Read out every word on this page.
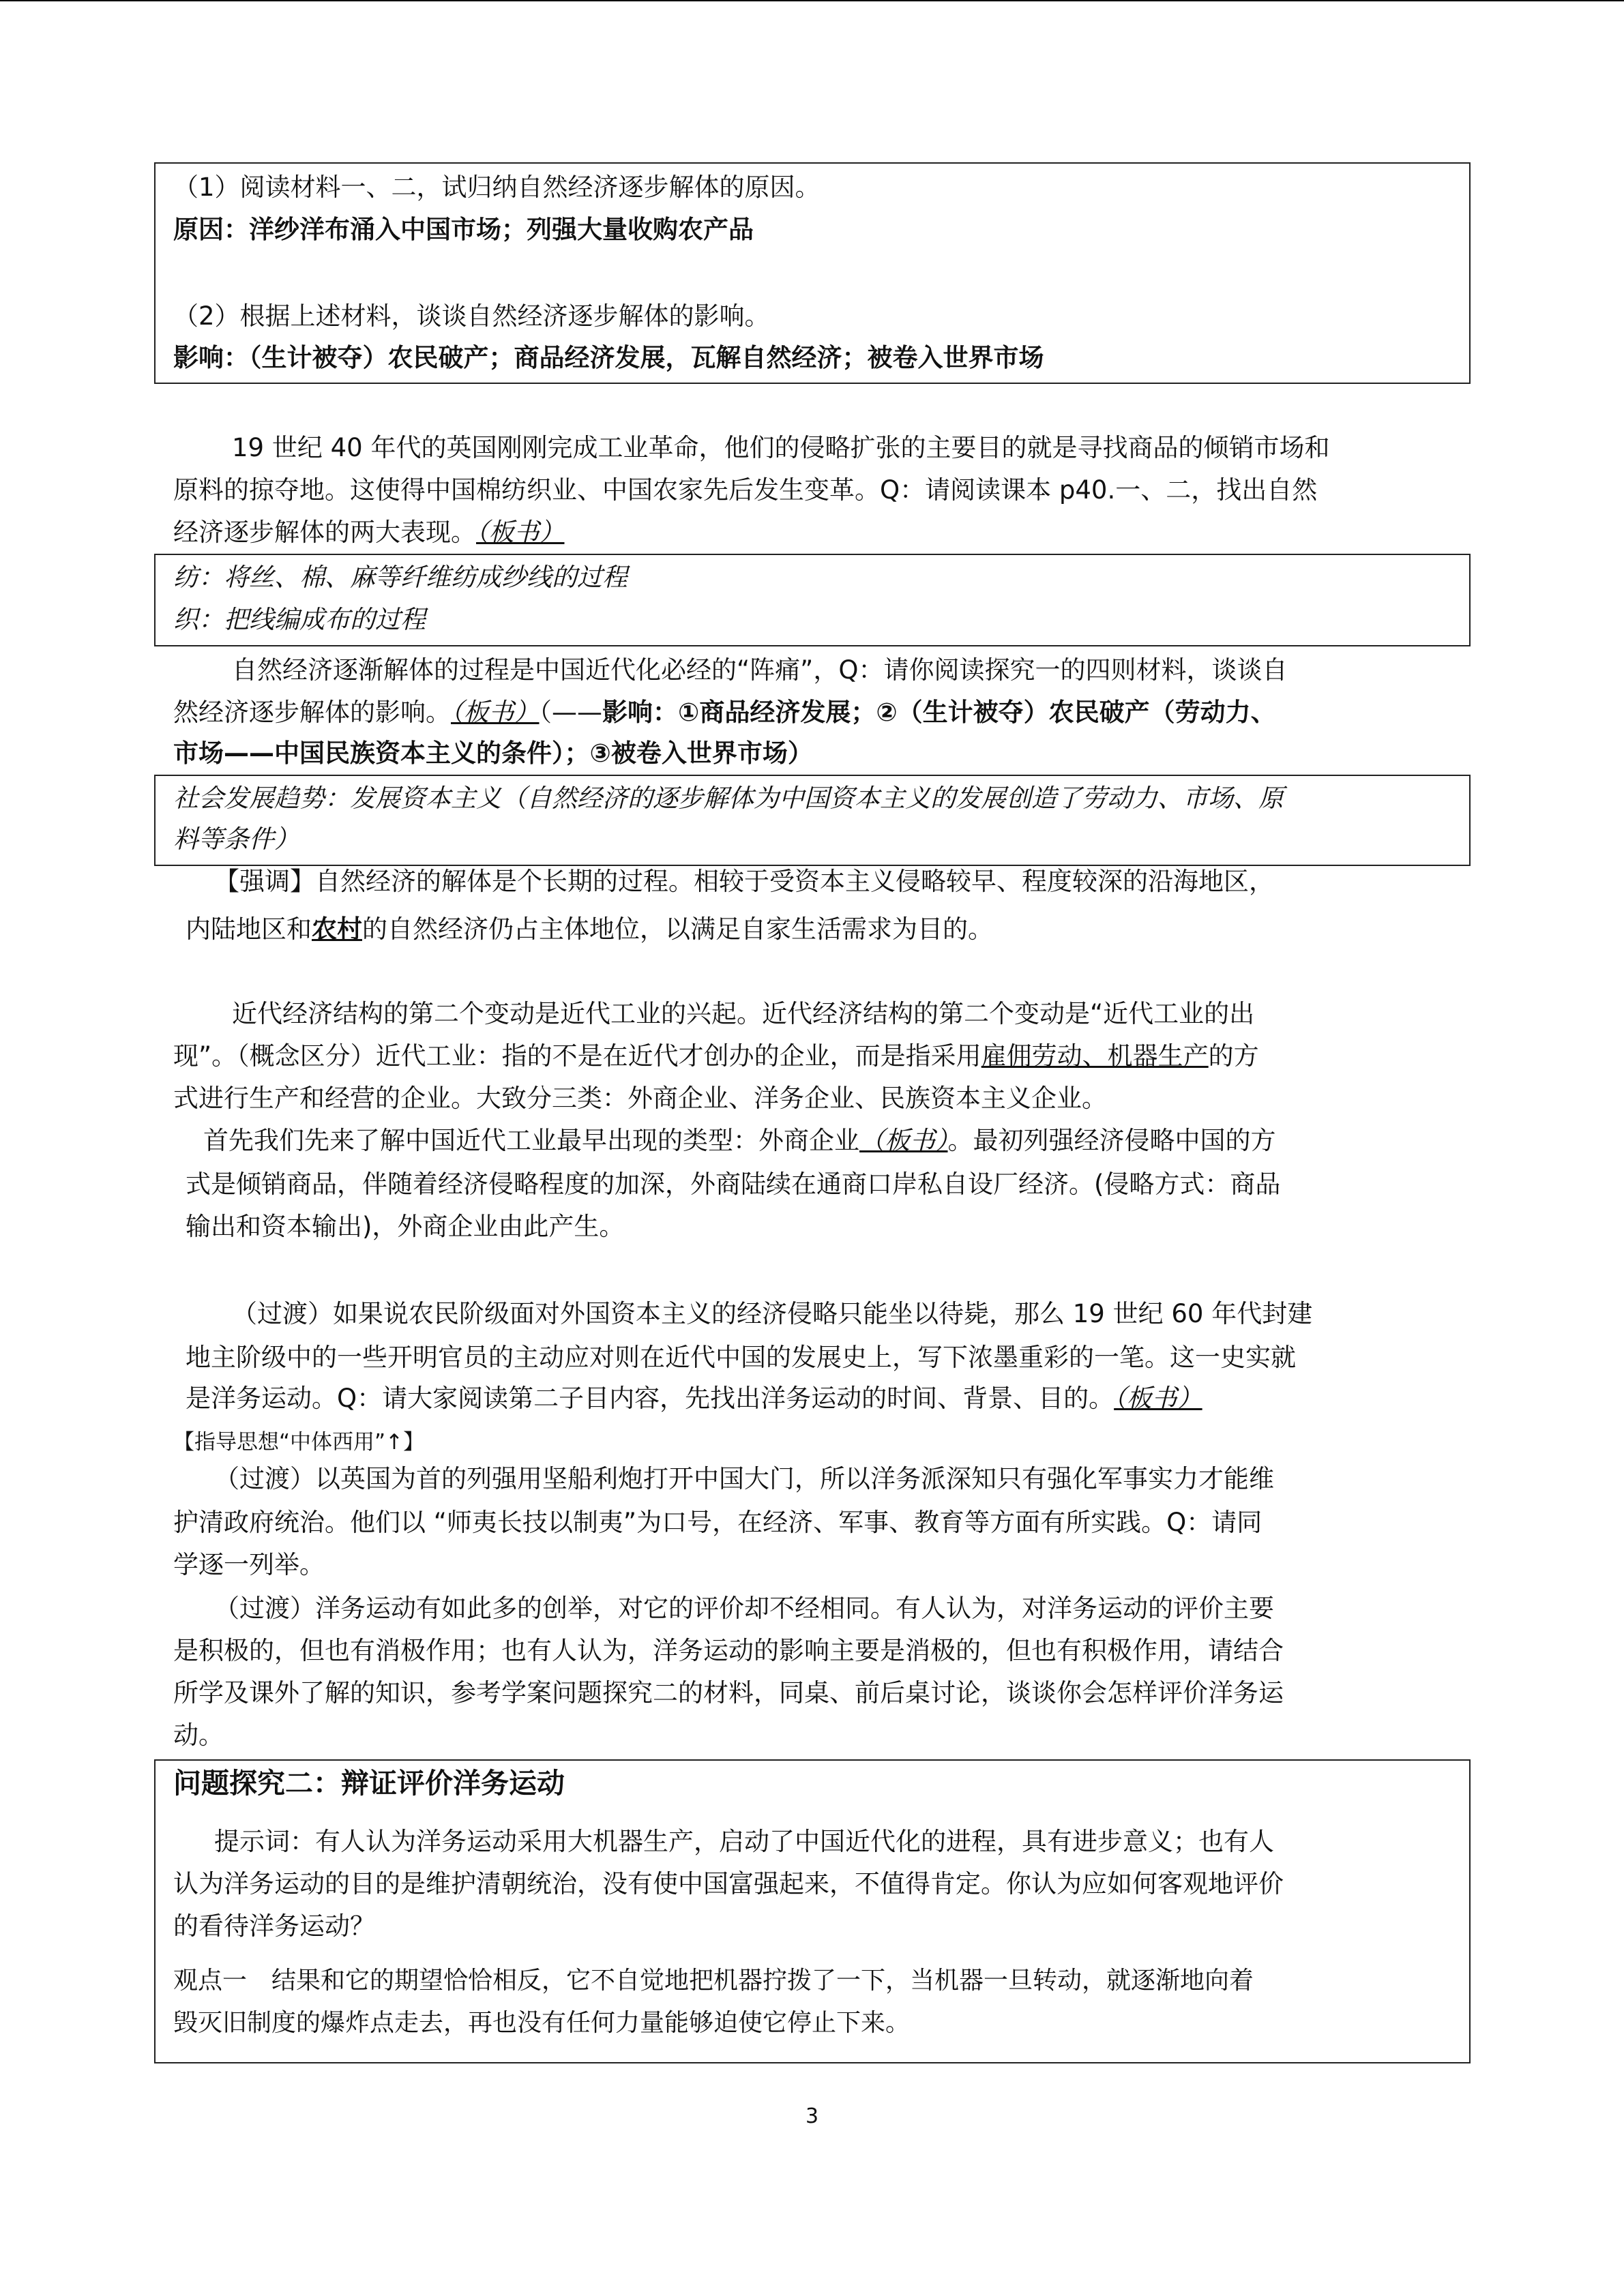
（1）阅读材料一、二，试归纳自然经济逐步解体的原因。
原因：洋纱洋布涌入中国市场；列强大量收购农产品
（2）根据上述材料，谈谈自然经济逐步解体的影响。
影响：（生计被夺）农民破产；商品经济发展，瓦解自然经济；被卷入世界市场
19 世纪 40 年代的英国刚刚完成工业革命，他们的侵略扩张的主要目的就是寻找商品的倾销市场和
原料的掠夺地。这使得中国棉纺织业、中国农家先后发生变革。Q：请阅读课本 p40.一、二，找出自然
经济逐步解体的两大表现。（板书）
纺：将丝、棉、麻等纤维纺成纱线的过程
织：把线编成布的过程
自然经济逐渐解体的过程是中国近代化必经的“阵痛”，Q：请你阅读探究一的四则材料，谈谈自
然经济逐步解体的影响。（板书）（——影响：①商品经济发展；②（生计被夺）农民破产（劳动力、
市场——中国民族资本主义的条件）；③被卷入世界市场）
社会发展趋势：发展资本主义（自然经济的逐步解体为中国资本主义的发展创造了劳动力、市场、原
料等条件）
【强调】自然经济的解体是个长期的过程。相较于受资本主义侵略较早、程度较深的沿海地区，
内陆地区和农村的自然经济仍占主体地位，以满足自家生活需求为目的。
近代经济结构的第二个变动是近代工业的兴起。近代经济结构的第二个变动是“近代工业的出
现”。（概念区分）近代工业：指的不是在近代才创办的企业，而是指采用雇佣劳动、机器生产的方
式进行生产和经营的企业。大致分三类：外商企业、洋务企业、民族资本主义企业。
首先我们先来了解中国近代工业最早出现的类型：外商企业（板书）。最初列强经济侵略中国的方
式是倾销商品，伴随着经济侵略程度的加深，外商陆续在通商口岸私自设厂经济。(侵略方式：商品
输出和资本输出)，外商企业由此产生。
（过渡）如果说农民阶级面对外国资本主义的经济侵略只能坐以待毙，那么 19 世纪 60 年代封建
地主阶级中的一些开明官员的主动应对则在近代中国的发展史上，写下浓墨重彩的一笔。这一史实就
是洋务运动。Q：请大家阅读第二子目内容，先找出洋务运动的时间、背景、目的。（板书）
【指导思想“中体西用”↑】
（过渡）以英国为首的列强用坚船利炮打开中国大门，所以洋务派深知只有强化军事实力才能维
护清政府统治。他们以 “师夷长技以制夷”为口号，在经济、军事、教育等方面有所实践。Q：请同
学逐一列举。
（过渡）洋务运动有如此多的创举，对它的评价却不经相同。有人认为，对洋务运动的评价主要
是积极的，但也有消极作用；也有人认为，洋务运动的影响主要是消极的，但也有积极作用，请结合
所学及课外了解的知识，参考学案问题探究二的材料，同桌、前后桌讨论，谈谈你会怎样评价洋务运
动。
问题探究二：辩证评价洋务运动
提示词：有人认为洋务运动采用大机器生产，启动了中国近代化的进程，具有进步意义；也有人
认为洋务运动的目的是维护清朝统治，没有使中国富强起来，不值得肯定。你认为应如何客观地评价
的看待洋务运动？
观点一　结果和它的期望恰恰相反，它不自觉地把机器拧拨了一下，当机器一旦转动，就逐渐地向着
毁灭旧制度的爆炸点走去，再也没有任何力量能够迫使它停止下来。
3
